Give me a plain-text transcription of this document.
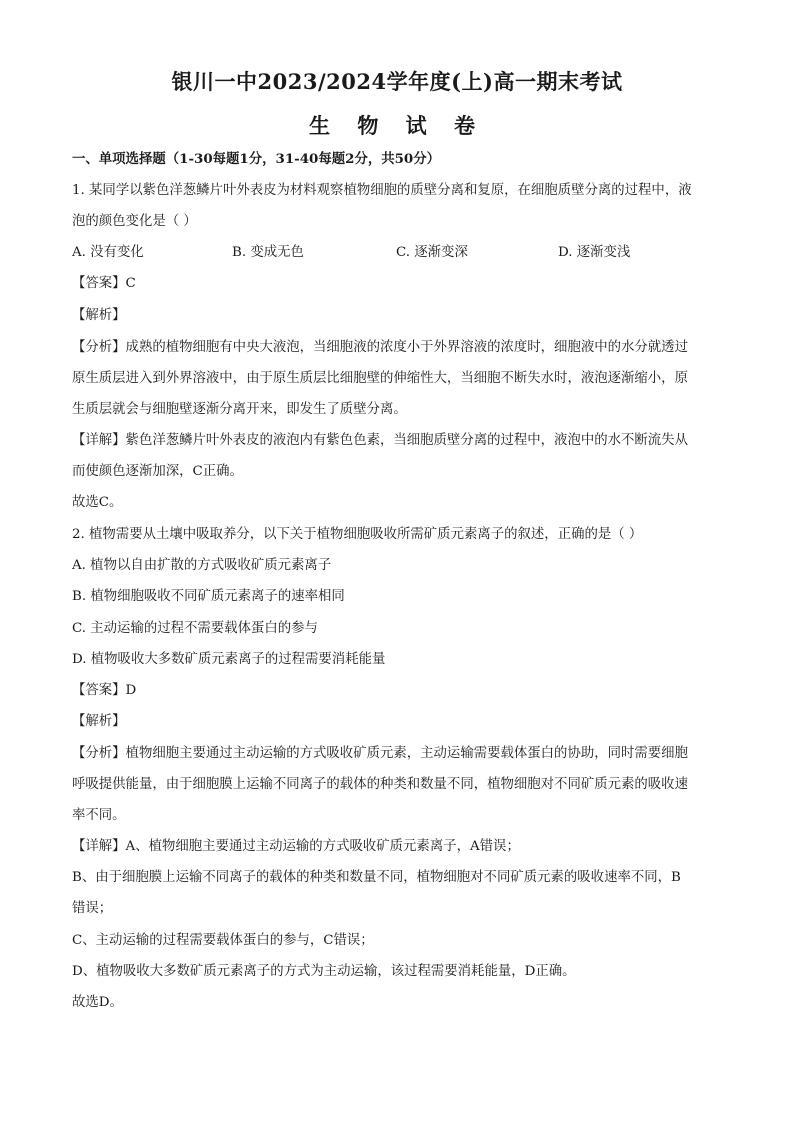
银川一中2023/2024学年度(上)高一期末考试
生 物 试 卷
一、单项选择题（1-30每题1分，31-40每题2分，共50分）
1. 某同学以紫色洋葱鳞片叶外表皮为材料观察植物细胞的质壁分离和复原，在细胞质壁分离的过程中，液
泡的颜色变化是（ ）
A. 没有变化	B. 变成无色	C. 逐渐变深	D. 逐渐变浅
【答案】C
【解析】
【分析】成熟的植物细胞有中央大液泡，当细胞液的浓度小于外界溶液的浓度时，细胞液中的水分就透过
原生质层进入到外界溶液中，由于原生质层比细胞壁的伸缩性大，当细胞不断失水时，液泡逐渐缩小，原
生质层就会与细胞壁逐渐分离开来，即发生了质壁分离。
【详解】紫色洋葱鳞片叶外表皮的液泡内有紫色色素，当细胞质壁分离的过程中，液泡中的水不断流失从
而使颜色逐渐加深，C正确。
故选C。
2. 植物需要从土壤中吸取养分，以下关于植物细胞吸收所需矿质元素离子的叙述，正确的是（ ）
A. 植物以自由扩散的方式吸收矿质元素离子
B. 植物细胞吸收不同矿质元素离子的速率相同
C. 主动运输的过程不需要载体蛋白的参与
D. 植物吸收大多数矿质元素离子的过程需要消耗能量
【答案】D
【解析】
【分析】植物细胞主要通过主动运输的方式吸收矿质元素，主动运输需要载体蛋白的协助，同时需要细胞
呼吸提供能量，由于细胞膜上运输不同离子的载体的种类和数量不同，植物细胞对不同矿质元素的吸收速
率不同。
【详解】A、植物细胞主要通过主动运输的方式吸收矿质元素离子，A错误；
B、由于细胞膜上运输不同离子的载体的种类和数量不同，植物细胞对不同矿质元素的吸收速率不同，B
错误；
C、主动运输的过程需要载体蛋白的参与，C错误；
D、植物吸收大多数矿质元素离子的方式为主动运输，该过程需要消耗能量，D正确。
故选D。
